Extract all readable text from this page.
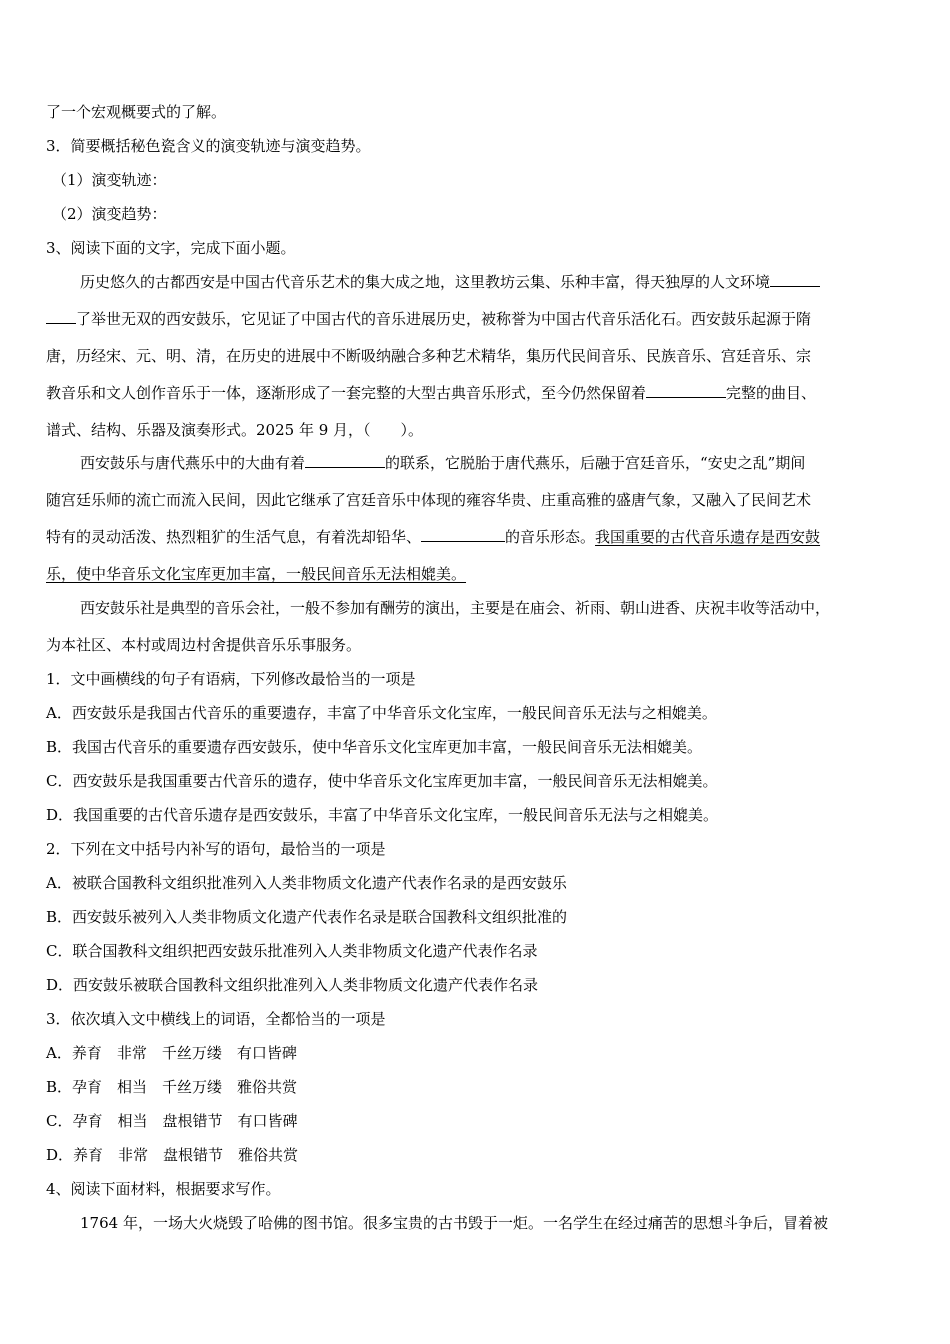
了一个宏观概要式的了解。
3．简要概括秘色瓷含义的演变轨迹与演变趋势。
（1）演变轨迹：
（2）演变趋势：
3、阅读下面的文字，完成下面小题。
历史悠久的古都西安是中国古代音乐艺术的集大成之地，这里教坊云集、乐种丰富，得天独厚的人文环境
了举世无双的西安鼓乐，它见证了中国古代的音乐进展历史，被称誉为中国古代音乐活化石。西安鼓乐起源于隋
唐，历经宋、元、明、清，在历史的进展中不断吸纳融合多种艺术精华，集历代民间音乐、民族音乐、宫廷音乐、宗
教音乐和文人创作音乐于一体，逐渐形成了一套完整的大型古典音乐形式，至今仍然保留着	完整的曲目、
谱式、结构、乐器及演奏形式。2025 年 9 月，（　　）。
西安鼓乐与唐代燕乐中的大曲有着	的联系，它脱胎于唐代燕乐，后融于宫廷音乐，“安史之乱”期间
随宫廷乐师的流亡而流入民间，因此它继承了宫廷音乐中体现的雍容华贵、庄重高雅的盛唐气象，又融入了民间艺术
特有的灵动活泼、热烈粗犷的生活气息，有着洗却铅华、	的音乐形态。我国重要的古代音乐遗存是西安鼓
乐，使中华音乐文化宝库更加丰富，一般民间音乐无法相媲美。
西安鼓乐社是典型的音乐会社，一般不参加有酬劳的演出，主要是在庙会、祈雨、朝山进香、庆祝丰收等活动中，
为本社区、本村或周边村舍提供音乐乐事服务。
1．文中画横线的句子有语病，下列修改最恰当的一项是
A．西安鼓乐是我国古代音乐的重要遗存，丰富了中华音乐文化宝库，一般民间音乐无法与之相媲美。
B．我国古代音乐的重要遗存西安鼓乐，使中华音乐文化宝库更加丰富，一般民间音乐无法相媲美。
C．西安鼓乐是我国重要古代音乐的遗存，使中华音乐文化宝库更加丰富，一般民间音乐无法相媲美。
D．我国重要的古代音乐遗存是西安鼓乐，丰富了中华音乐文化宝库，一般民间音乐无法与之相媲美。
2．下列在文中括号内补写的语句，最恰当的一项是
A．被联合国教科文组织批准列入人类非物质文化遗产代表作名录的是西安鼓乐
B．西安鼓乐被列入人类非物质文化遗产代表作名录是联合国教科文组织批准的
C．联合国教科文组织把西安鼓乐批准列入人类非物质文化遗产代表作名录
D．西安鼓乐被联合国教科文组织批准列入人类非物质文化遗产代表作名录
3．依次填入文中横线上的词语，全都恰当的一项是
A．养育　非常　千丝万缕　有口皆碑
B．孕育　相当　千丝万缕　雅俗共赏
C．孕育　相当　盘根错节　有口皆碑
D．养育　非常　盘根错节　雅俗共赏
4、阅读下面材料，根据要求写作。
1764 年，一场大火烧毁了哈佛的图书馆。很多宝贵的古书毁于一炬。一名学生在经过痛苦的思想斗争后，冒着被
